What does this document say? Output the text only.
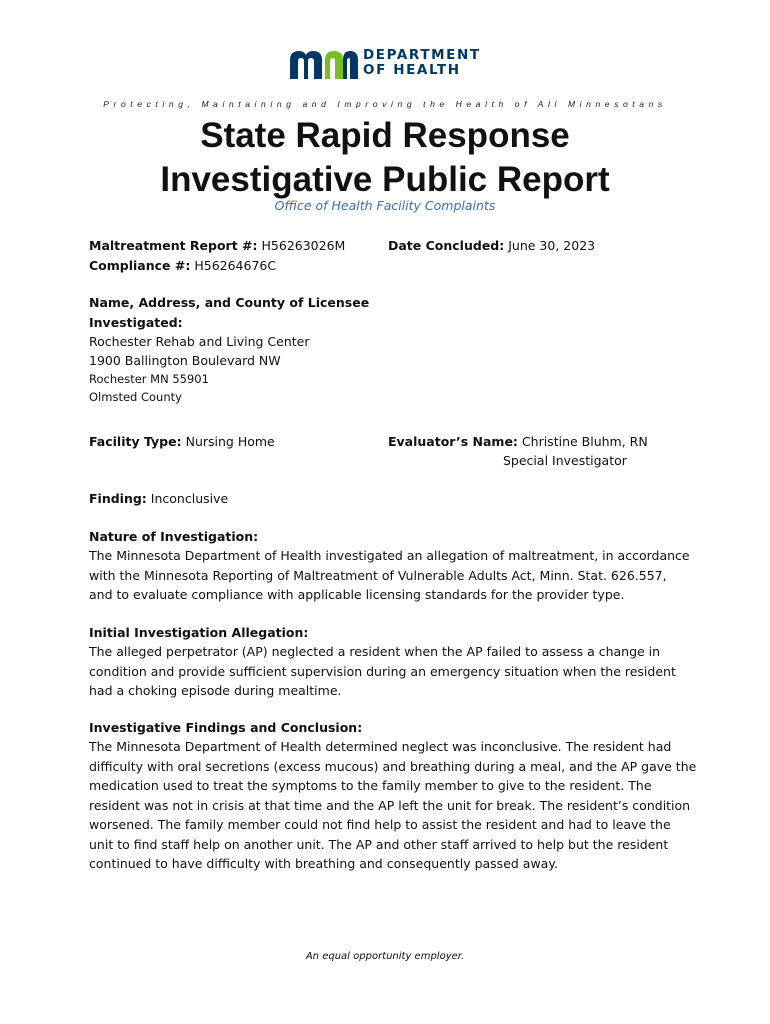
DEPARTMENT
OF HEALTH
Protecting, Maintaining and Improving the Health of All Minnesotans
State Rapid Response
Investigative Public Report
Office of Health Facility Complaints
Maltreatment Report #: H56263026M
Compliance #: H56264676C
Date Concluded: June 30, 2023
Name, Address, and County of Licensee
Investigated:
Rochester Rehab and Living Center
1900 Ballington Boulevard NW
Rochester MN 55901
Olmsted County
Facility Type: Nursing Home	Evaluator’s Name: Christine Bluhm, RN
Special Investigator
Finding: Inconclusive
Nature of Investigation:
The Minnesota Department of Health investigated an allegation of maltreatment, in accordance
with the Minnesota Reporting of Maltreatment of Vulnerable Adults Act, Minn. Stat. 626.557,
and to evaluate compliance with applicable licensing standards for the provider type.
Initial Investigation Allegation:
The alleged perpetrator (AP) neglected a resident when the AP failed to assess a change in
condition and provide sufficient supervision during an emergency situation when the resident
had a choking episode during mealtime.
Investigative Findings and Conclusion:
The Minnesota Department of Health determined neglect was inconclusive. The resident had
difficulty with oral secretions (excess mucous) and breathing during a meal, and the AP gave the
medication used to treat the symptoms to the family member to give to the resident. The
resident was not in crisis at that time and the AP left the unit for break. The resident’s condition
worsened. The family member could not find help to assist the resident and had to leave the
unit to find staff help on another unit. The AP and other staff arrived to help but the resident
continued to have difficulty with breathing and consequently passed away.
An equal opportunity employer.
